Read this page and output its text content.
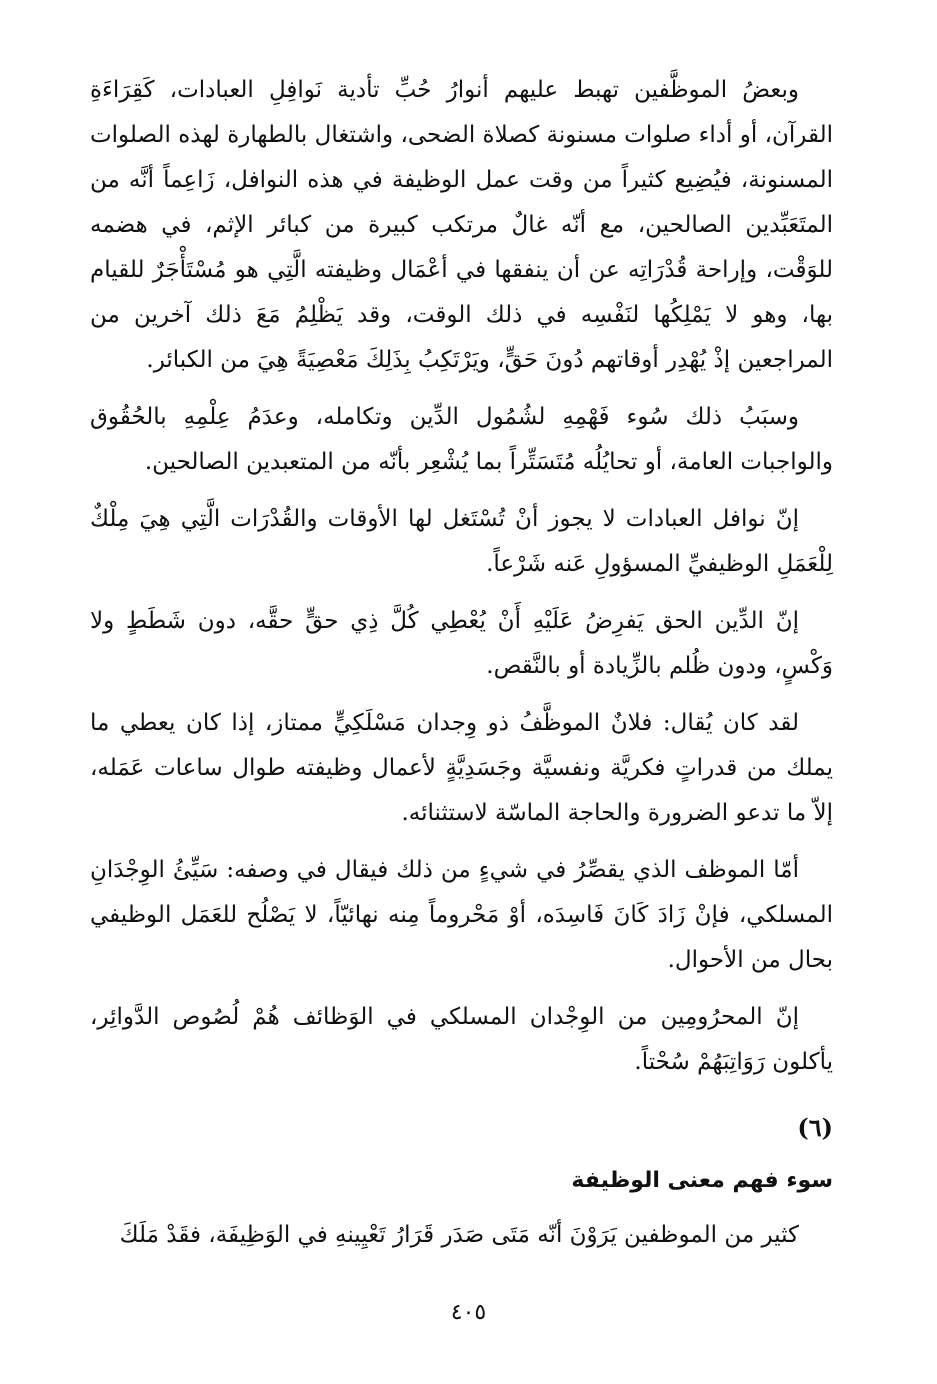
وبعضُ الموظَّفين تهبط عليهم أنوارُ حُبِّ تأدية نَوافِلِ العبادات، كَقِرَاءَةِ القرآن، أو أداء صلوات مسنونة كصلاة الضحى، واشتغال بالطهارة لهذه الصلوات المسنونة، فيُضِيع كثيراً من وقت عمل الوظيفة في هذه النوافل، زَاعِماً أنَّه من المتَعَبِّدين الصالحين، مع أنّه غالٌ مرتكب كبيرة من كبائر الإثم، في هضمه للوَقْت، وإراحة قُدْرَاتِه عن أن ينفقها في أعْمَال وظيفته الَّتِي هو مُسْتَأْجَرٌ للقيام بها، وهو لا يَمْلِكُها لنَفْسِه في ذلك الوقت، وقد يَظْلِمُ مَعَ ذلك آخرين من المراجعين إذْ يُهْدِر أوقاتهم دُونَ حَقٍّ، ويَرْتَكِبُ بِذَلِكَ مَعْصِيَةً هِيَ من الكبائر.

وسبَبُ ذلك سُوء فَهْمِهِ لشُمُول الدِّين وتكامله، وعدَمُ عِلْمِهِ بالحُقُوق والواجبات العامة، أو تحايُلُه مُتَسَتِّراً بما يُشْعِر بأنّه من المتعبدين الصالحين.

إنّ نوافل العبادات لا يجوز أنْ تُسْتَغل لها الأوقات والقُدْرَات الَّتِي هِيَ مِلْكٌ لِلْعَمَلِ الوظيفيِّ المسؤولِ عَنه شَرْعاً.

إنّ الدِّين الحق يَفرِضُ عَلَيْهِ أَنْ يُعْطِي كُلَّ ذِي حقٍّ حقَّه، دون شَطَطٍ ولا وَكْسٍ، ودون ظُلم بالزِّيادة أو بالنَّقص.

لقد كان يُقال: فلانٌ الموظَّفُ ذو وِجدان مَسْلَكِيٍّ ممتاز، إذا كان يعطي ما يملك من قدراتٍ فكريَّة ونفسيَّة وجَسَدِيَّةٍ لأعمال وظيفته طوال ساعات عَمَله، إلاّ ما تدعو الضرورة والحاجة الماسّة لاستثنائه.

أمّا الموظف الذي يقصِّرُ في شيءٍ من ذلك فيقال في وصفه: سَيِّئُ الوِجْدَانِ المسلكي، فإنْ زَادَ كَانَ فَاسِدَه، أوْ مَحْروماً مِنه نهائيّاً، لا يَصْلُح للعَمَل الوظيفي بحال من الأحوال.

إنّ المحرُومِين من الوِجْدان المسلكي في الوَظائف هُمْ لُصُوص الدَّوائِر، يأكلون رَوَاتِبَهُمْ سُحْتاً.

(٦)
سوء فهم معنى الوظيفة

كثير من الموظفين يَرَوْنَ أنّه مَتَى صَدَر قَرَارُ تَعْيِينهِ في الوَظِيفَة، فقَدْ مَلَكَ

٤٠٥
